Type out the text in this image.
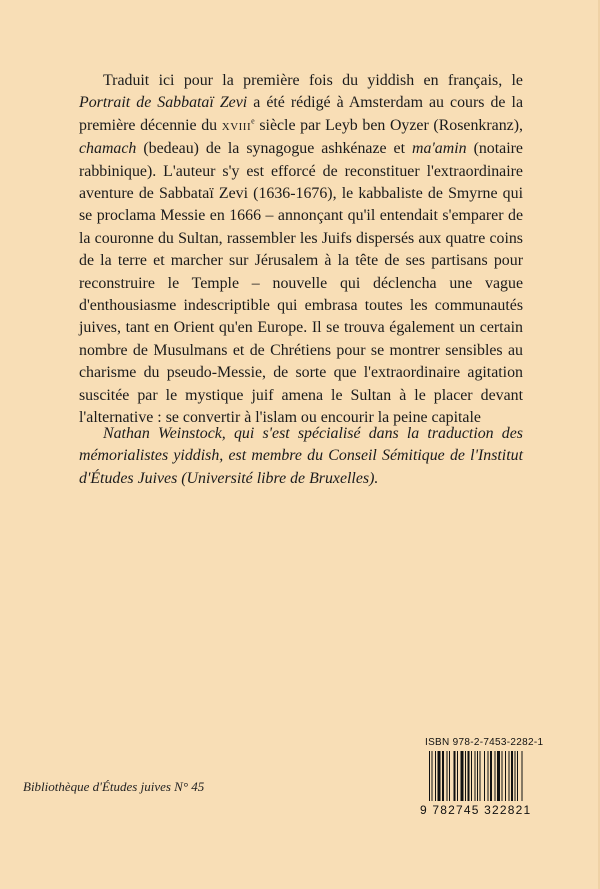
Traduit ici pour la première fois du yiddish en français, le Portrait de Sabbataï Zevi a été rédigé à Amsterdam au cours de la première décennie du XVIIIe siècle par Leyb ben Oyzer (Rosenkranz), chamach (bedeau) de la synagogue ashkénaze et ma'amin (notaire rabbinique). L'auteur s'y est efforcé de reconstituer l'extraordinaire aventure de Sabbataï Zevi (1636-1676), le kabbaliste de Smyrne qui se proclama Messie en 1666 – annonçant qu'il entendait s'emparer de la couronne du Sultan, rassembler les Juifs dispersés aux quatre coins de la terre et marcher sur Jérusalem à la tête de ses partisans pour reconstruire le Temple – nouvelle qui déclencha une vague d'enthousiasme indescriptible qui embrasa toutes les communautés juives, tant en Orient qu'en Europe. Il se trouva également un certain nombre de Musulmans et de Chrétiens pour se montrer sensibles au charisme du pseudo-Messie, de sorte que l'extraordinaire agitation suscitée par le mystique juif amena le Sultan à le placer devant l'alternative : se convertir à l'islam ou encourir la peine capitale

Nathan Weinstock, qui s'est spécialisé dans la traduction des mémorialistes yiddish, est membre du Conseil Sémitique de l'Institut d'Études Juives (Université libre de Bruxelles).

Bibliothèque d'Études juives N° 45
ISBN 978-2-7453-2282-1
9 782745 322821
